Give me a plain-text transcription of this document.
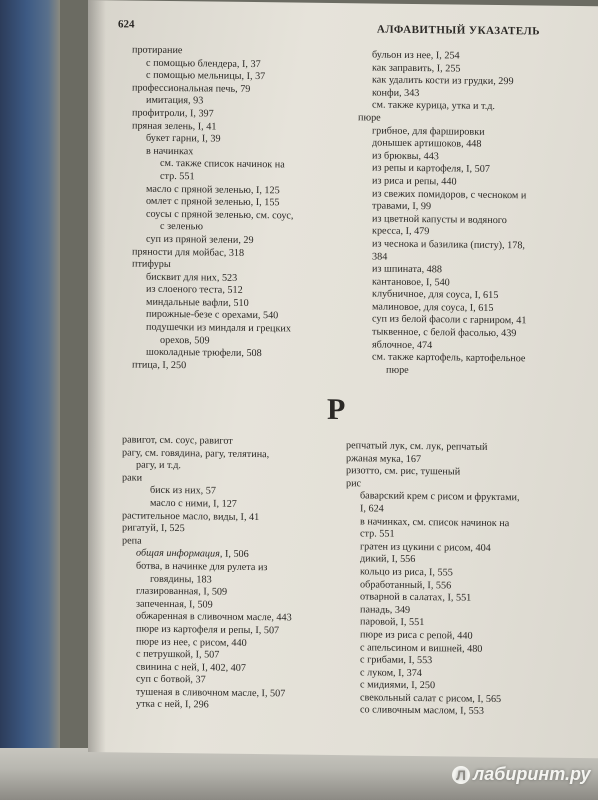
624	АЛФАВИТНЫЙ УКАЗАТЕЛЬ
протирание
с помощью блендера, I, 37
с помощью мельницы, I, 37
профессиональная печь, 79
имитация, 93
профитроли, I, 397
пряная зелень, I, 41
букет гарни, I, 39
в начинках
см. также список начинок на
стр. 551
масло с пряной зеленью, I, 125
омлет с пряной зеленью, I, 155
соусы с пряной зеленью, см. соус,
с зеленью
суп из пряной зелени, 29
пряности для мойбас, 318
птифуры
бисквит для них, 523
из слоеного теста, 512
миндальные вафли, 510
пирожные-безе с орехами, 540
подушечки из миндаля и грецких
орехов, 509
шоколадные трюфели, 508
птица, I, 250
бульон из нее, I, 254
как заправить, I, 255
как удалить кости из грудки, 299
конфи, 343
см. также курица, утка и т.д.
пюре
грибное, для фаршировки
донышек артишоков, 448
из брюквы, 443
из репы и картофеля, I, 507
из риса и репы, 440
из свежих помидоров, с чесноком и
травами, I, 99
из цветной капусты и водяного
кресса, I, 479
из чеснока и базилика (писту), 178,
384
из шпината, 488
кантановое, I, 540
клубничное, для соуса, I, 615
малиновое, для соуса, I, 615
суп из белой фасоли с гарниром, 41
тыквенное, с белой фасолью, 439
яблочное, 474
см. также картофель, картофельное
пюре
Р
равигот, см. соус, равигот
рагу, см. говядина, рагу, телятина,
рагу, и т.д.
раки
биск из них, 57
масло с ними, I, 127
растительное масло, виды, I, 41
ригатуй, I, 525
репа
общая информация, I, 506
ботва, в начинке для рулета из
говядины, 183
глазированная, I, 509
запеченная, I, 509
обжаренная в сливочном масле, 443
пюре из картофеля и репы, I, 507
пюре из нее, с рисом, 440
с петрушкой, I, 507
свинина с ней, I, 402, 407
суп с ботвой, 37
тушеная в сливочном масле, I, 507
утка с ней, I, 296
репчатый лук, см. лук, репчатый
ржаная мука, 167
ризотто, см. рис, тушеный
рис
баварский крем с рисом и фруктами,
I, 624
в начинках, см. список начинок на
стр. 551
гратен из цукини с рисом, 404
дикий, I, 556
кольцо из риса, I, 555
обработанный, I, 556
отварной в салатах, I, 551
панадь, 349
паровой, I, 551
пюре из риса с репой, 440
с апельсином и вишней, 480
с грибами, I, 553
с луком, I, 374
с мидиями, I, 250
свекольный салат с рисом, I, 565
со сливочным маслом, I, 553
Л лабиринт.ру
